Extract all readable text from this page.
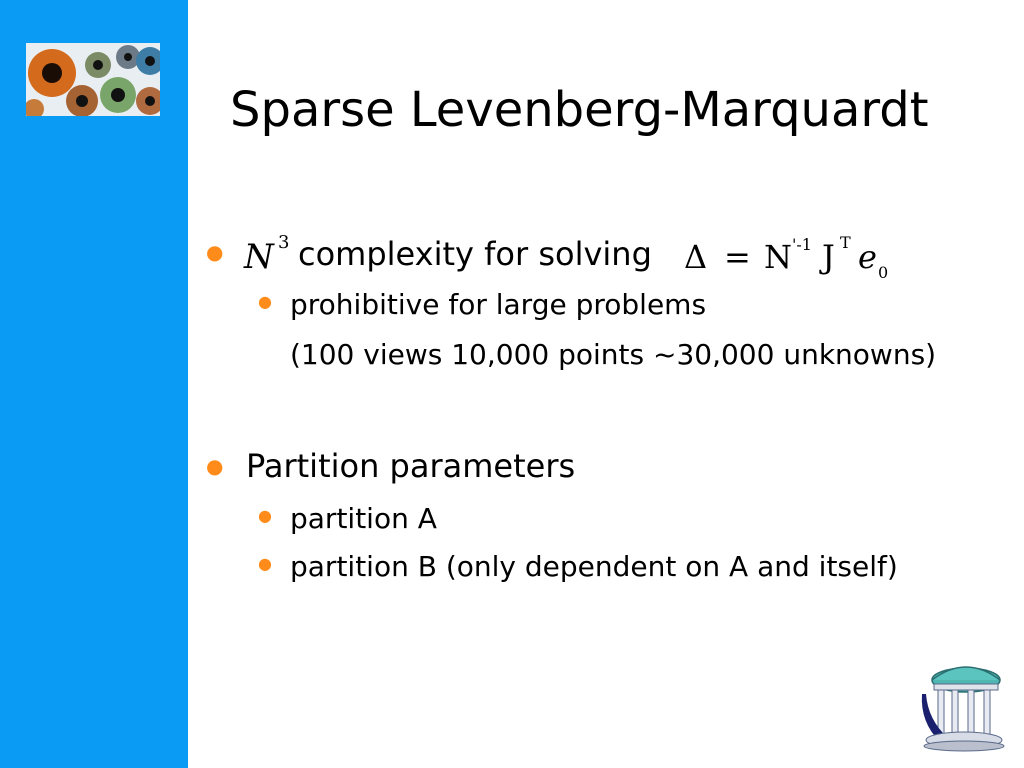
Sparse Levenberg-Marquardt
● N 3 complexity for solving Δ = N '-1 J T e 0
● prohibitive for large problems
(100 views 10,000 points ~30,000 unknowns)
● Partition parameters
● partition A
● partition B (only dependent on A and itself)
